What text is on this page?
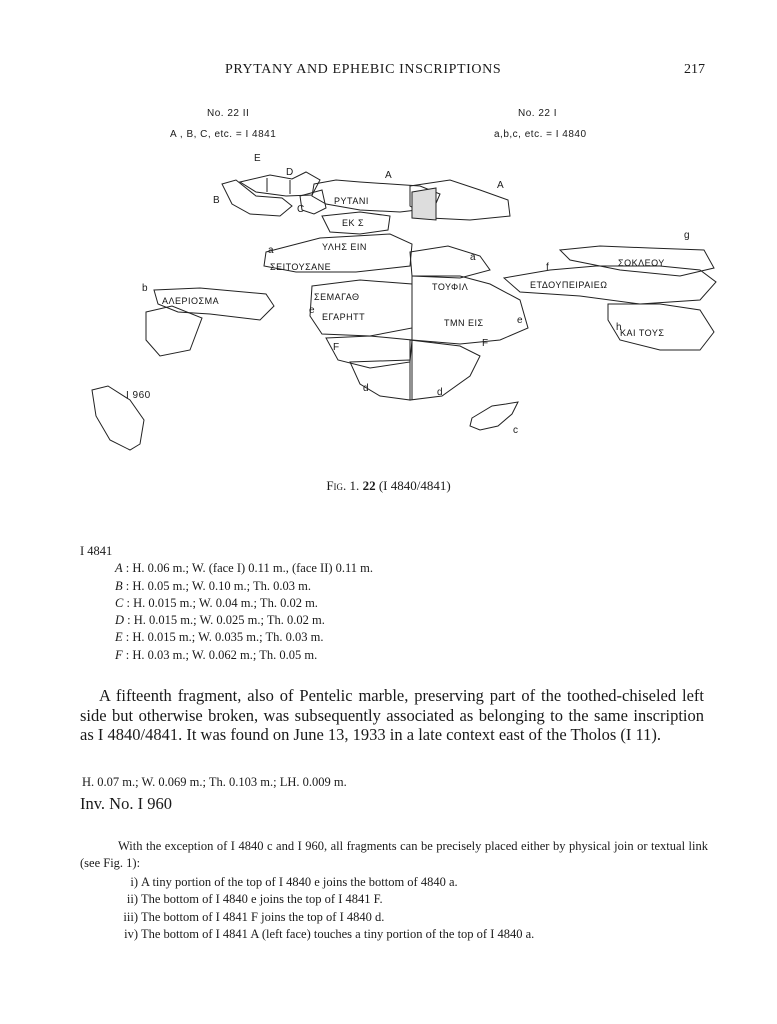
PRYTANY AND EPHEBIC INSCRIPTIONS	217
No. 22 II
A , B, C, etc. = I 4841
No. 22 I
a,b,c, etc. = I 4840
E
D
B
C
A
A
a
a
b
e
e
F	F
d	d
f
g
h
c
I 960
ΡΥΤΑΝΙ
ΕΚ Σ
ΥΛΗΣ ΕΙΝ
ΣΕΙΤΟΥΣΑΝΕ
ΑΛΕΡΙΟΣΜΑ	ΣΕΜΑΓΑΘ
ΕΓΑΡΗΤΤ
ΤΟΥΦΙΛ	ΕΤΔΟΥΠΕΙΡΑΙΕΩ
ΚΑΙ ΤΟΥΣ
ΣΟΚΛΕΟΥ
ΤΜΝ ΕΙΣ
Fig. 1. 22 (I 4840/4841)
I 4841
A : H. 0.06 m.; W. (face I) 0.11 m., (face II) 0.11 m.
B : H. 0.05 m.; W. 0.10 m.; Th. 0.03 m.
C : H. 0.015 m.; W. 0.04 m.; Th. 0.02 m.
D : H. 0.015 m.; W. 0.025 m.; Th. 0.02 m.
E : H. 0.015 m.; W. 0.035 m.; Th. 0.03 m.
F : H. 0.03 m.; W. 0.062 m.; Th. 0.05 m.
A fifteenth fragment, also of Pentelic marble, preserving part of the toothed-chiseled left side but otherwise broken, was subsequently associated as belonging to the same inscription as I 4840/4841. It was found on June 13, 1933 in a late context east of the Tholos (I 11).
H. 0.07 m.; W. 0.069 m.; Th. 0.103 m.; LH. 0.009 m.
Inv. No. I 960
With the exception of I 4840 c and I 960, all fragments can be precisely placed either by physical join or textual link (see Fig. 1):
i) A tiny portion of the top of I 4840 e joins the bottom of 4840 a.
ii) The bottom of I 4840 e joins the top of I 4841 F.
iii) The bottom of I 4841 F joins the top of I 4840 d.
iv) The bottom of I 4841 A (left face) touches a tiny portion of the top of I 4840 a.
